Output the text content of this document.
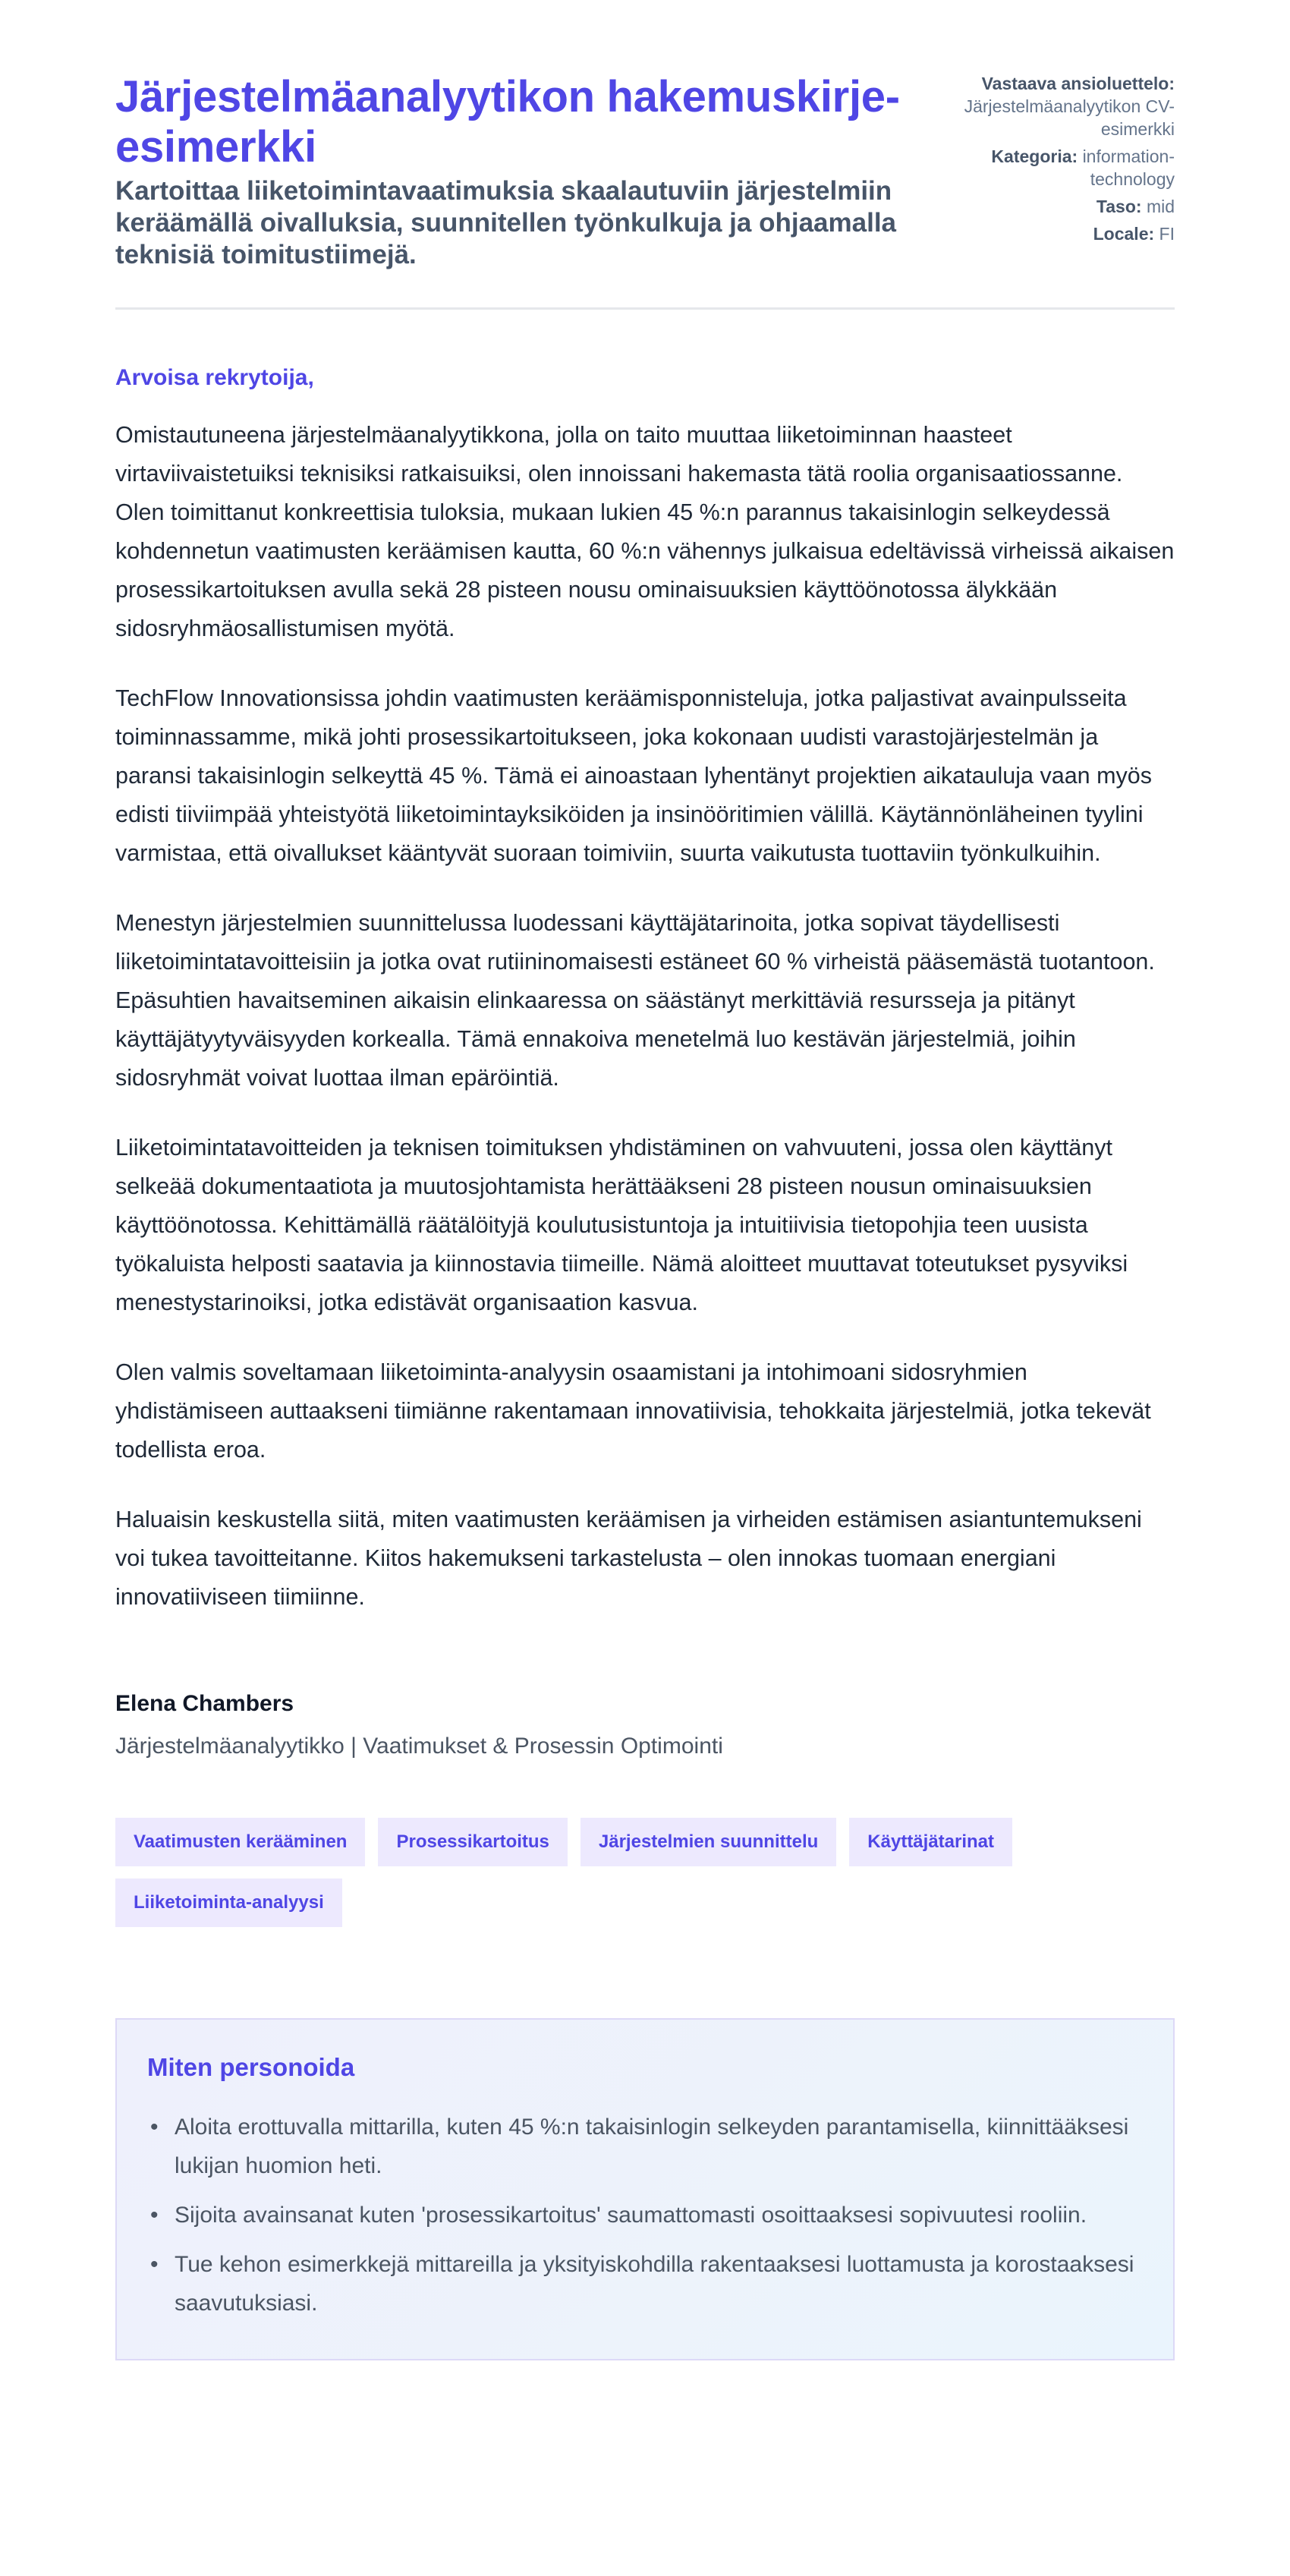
Järjestelmäanalyytikon hakemuskirje-esimerkki

Kartoittaa liiketoimintavaatimuksia skaalautuviin järjestelmiin keräämällä oivalluksia, suunnitellen työnkulkuja ja ohjaamalla teknisiä toimitustiimejä.

Vastaava ansioluettelo: Järjestelmäanalyytikon CV-esimerkki
Kategoria: information-technology
Taso: mid
Locale: FI

Arvoisa rekrytoija,

Omistautuneena järjestelmäanalyytikkona, jolla on taito muuttaa liiketoiminnan haasteet virtaviivaistetuiksi teknisiksi ratkaisuiksi, olen innoissani hakemasta tätä roolia organisaatiossanne. Olen toimittanut konkreettisia tuloksia, mukaan lukien 45 %:n parannus takaisinlogin selkeydessä kohdennetun vaatimusten keräämisen kautta, 60 %:n vähennys julkaisua edeltävissä virheissä aikaisen prosessikartoituksen avulla sekä 28 pisteen nousu ominaisuuksien käyttöönotossa älykkään sidosryhmäosallistumisen myötä.

TechFlow Innovationsissa johdin vaatimusten keräämisponnisteluja, jotka paljastivat avainpulsseita toiminnassamme, mikä johti prosessikartoitukseen, joka kokonaan uudisti varastojärjestelmän ja paransi takaisinlogin selkeyttä 45 %. Tämä ei ainoastaan lyhentänyt projektien aikatauluja vaan myös edisti tiiviimpää yhteistyötä liiketoimintayksiköiden ja insinööritimien välillä. Käytännönläheinen tyylini varmistaa, että oivallukset kääntyvät suoraan toimiviin, suurta vaikutusta tuottaviin työnkulkuihin.

Menestyn järjestelmien suunnittelussa luodessani käyttäjätarinoita, jotka sopivat täydellisesti liiketoimintatavoitteisiin ja jotka ovat rutiininomaisesti estäneet 60 % virheistä pääsemästä tuotantoon. Epäsuhtien havaitseminen aikaisin elinkaaressa on säästänyt merkittäviä resursseja ja pitänyt käyttäjätyytyväisyyden korkealla. Tämä ennakoiva menetelmä luo kestävän järjestelmiä, joihin sidosryhmät voivat luottaa ilman epäröintiä.

Liiketoimintatavoitteiden ja teknisen toimituksen yhdistäminen on vahvuuteni, jossa olen käyttänyt selkeää dokumentaatiota ja muutosjohtamista herättääkseni 28 pisteen nousun ominaisuuksien käyttöönotossa. Kehittämällä räätälöityjä koulutusistuntoja ja intuitiivisia tietopohjia teen uusista työkaluista helposti saatavia ja kiinnostavia tiimeille. Nämä aloitteet muuttavat toteutukset pysyviksi menestystarinoiksi, jotka edistävät organisaation kasvua.

Olen valmis soveltamaan liiketoiminta-analyysin osaamistani ja intohimoani sidosryhmien yhdistämiseen auttaakseni tiimiänne rakentamaan innovatiivisia, tehokkaita järjestelmiä, jotka tekevät todellista eroa.

Haluaisin keskustella siitä, miten vaatimusten keräämisen ja virheiden estämisen asiantuntemukseni voi tukea tavoitteitanne. Kiitos hakemukseni tarkastelusta – olen innokas tuomaan energiani innovatiiviseen tiimiinne.

Elena Chambers
Järjestelmäanalyytikko | Vaatimukset & Prosessin Optimointi
Vaatimusten kerääminen	Prosessikartoitus	Järjestelmien suunnittelu	Käyttäjätarinat
Liiketoiminta-analyysi
Miten personoida
• Aloita erottuvalla mittarilla, kuten 45 %:n takaisinlogin selkeyden parantamisella, kiinnittääksesi lukijan huomion heti.
• Sijoita avainsanat kuten 'prosessikartoitus' saumattomasti osoittaaksesi sopivuutesi rooliin.
• Tue kehon esimerkkejä mittareilla ja yksityiskohdilla rakentaaksesi luottamusta ja korostaaksesi saavutuksiasi.
